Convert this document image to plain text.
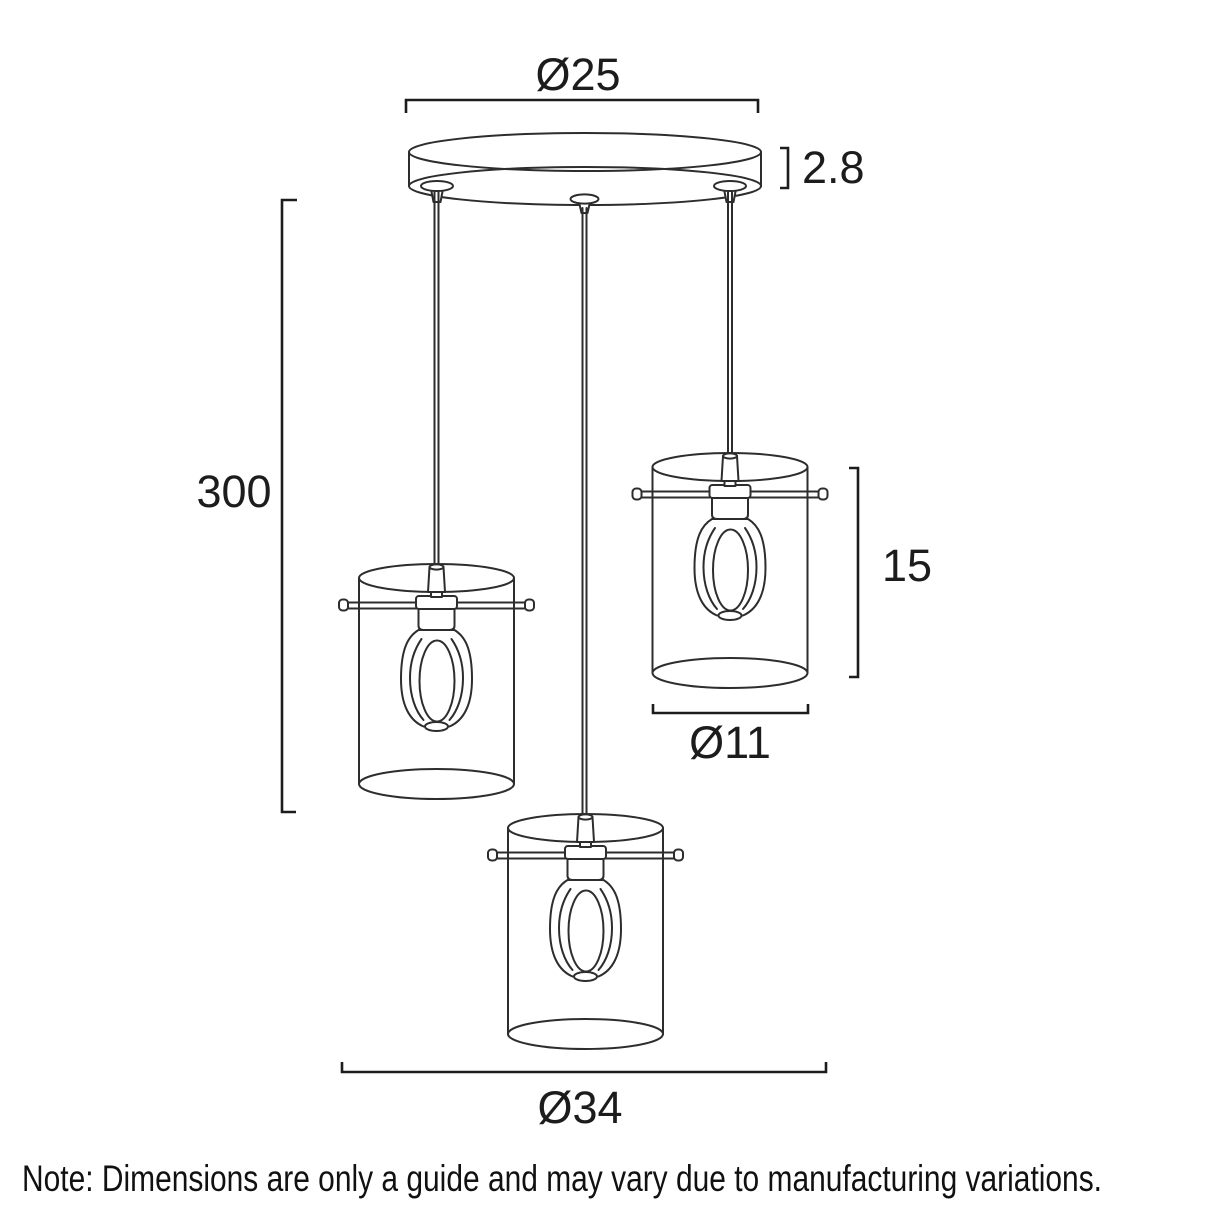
Ø25
2.8
300
15
Ø11
Ø34
Note: Dimensions are only a guide and may vary due to manufacturing variations.
